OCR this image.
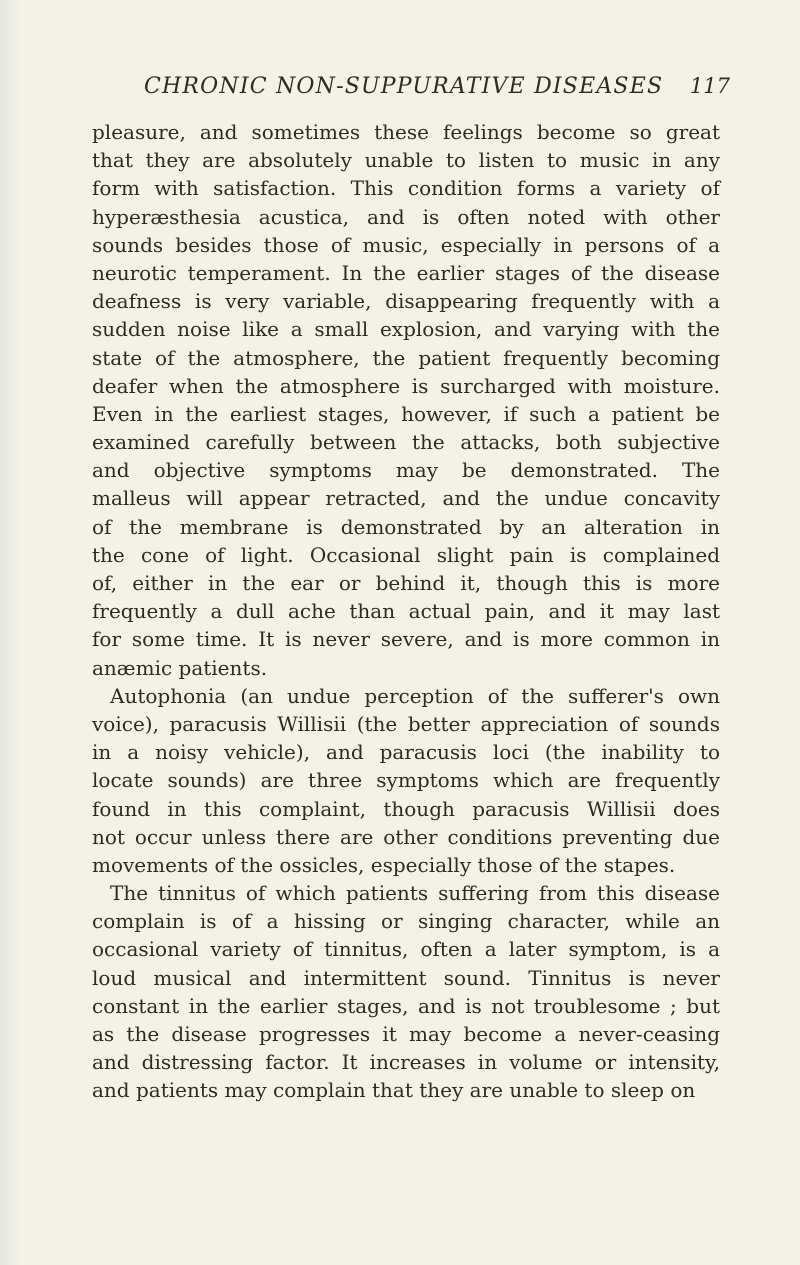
CHRONIC NON-SUPPURATIVE DISEASES 117
pleasure, and sometimes these feelings become so great
that they are absolutely unable to listen to music in any
form with satisfaction. This condition forms a variety of
hyperæsthesia acustica, and is often noted with other
sounds besides those of music, especially in persons of a
neurotic temperament. In the earlier stages of the disease
deafness is very variable, disappearing frequently with a
sudden noise like a small explosion, and varying with the
state of the atmosphere, the patient frequently becoming
deafer when the atmosphere is surcharged with moisture.
Even in the earliest stages, however, if such a patient be
examined carefully between the attacks, both subjective
and objective symptoms may be demonstrated. The
malleus will appear retracted, and the undue concavity
of the membrane is demonstrated by an alteration in
the cone of light. Occasional slight pain is complained
of, either in the ear or behind it, though this is more
frequently a dull ache than actual pain, and it may last
for some time. It is never severe, and is more common in
anæmic patients.
Autophonia (an undue perception of the sufferer's own
voice), paracusis Willisii (the better appreciation of sounds
in a noisy vehicle), and paracusis loci (the inability to
locate sounds) are three symptoms which are frequently
found in this complaint, though paracusis Willisii does
not occur unless there are other conditions preventing due
movements of the ossicles, especially those of the stapes.
The tinnitus of which patients suffering from this disease
complain is of a hissing or singing character, while an
occasional variety of tinnitus, often a later symptom, is a
loud musical and intermittent sound. Tinnitus is never
constant in the earlier stages, and is not troublesome ; but
as the disease progresses it may become a never-ceasing
and distressing factor. It increases in volume or intensity,
and patients may complain that they are unable to sleep on
